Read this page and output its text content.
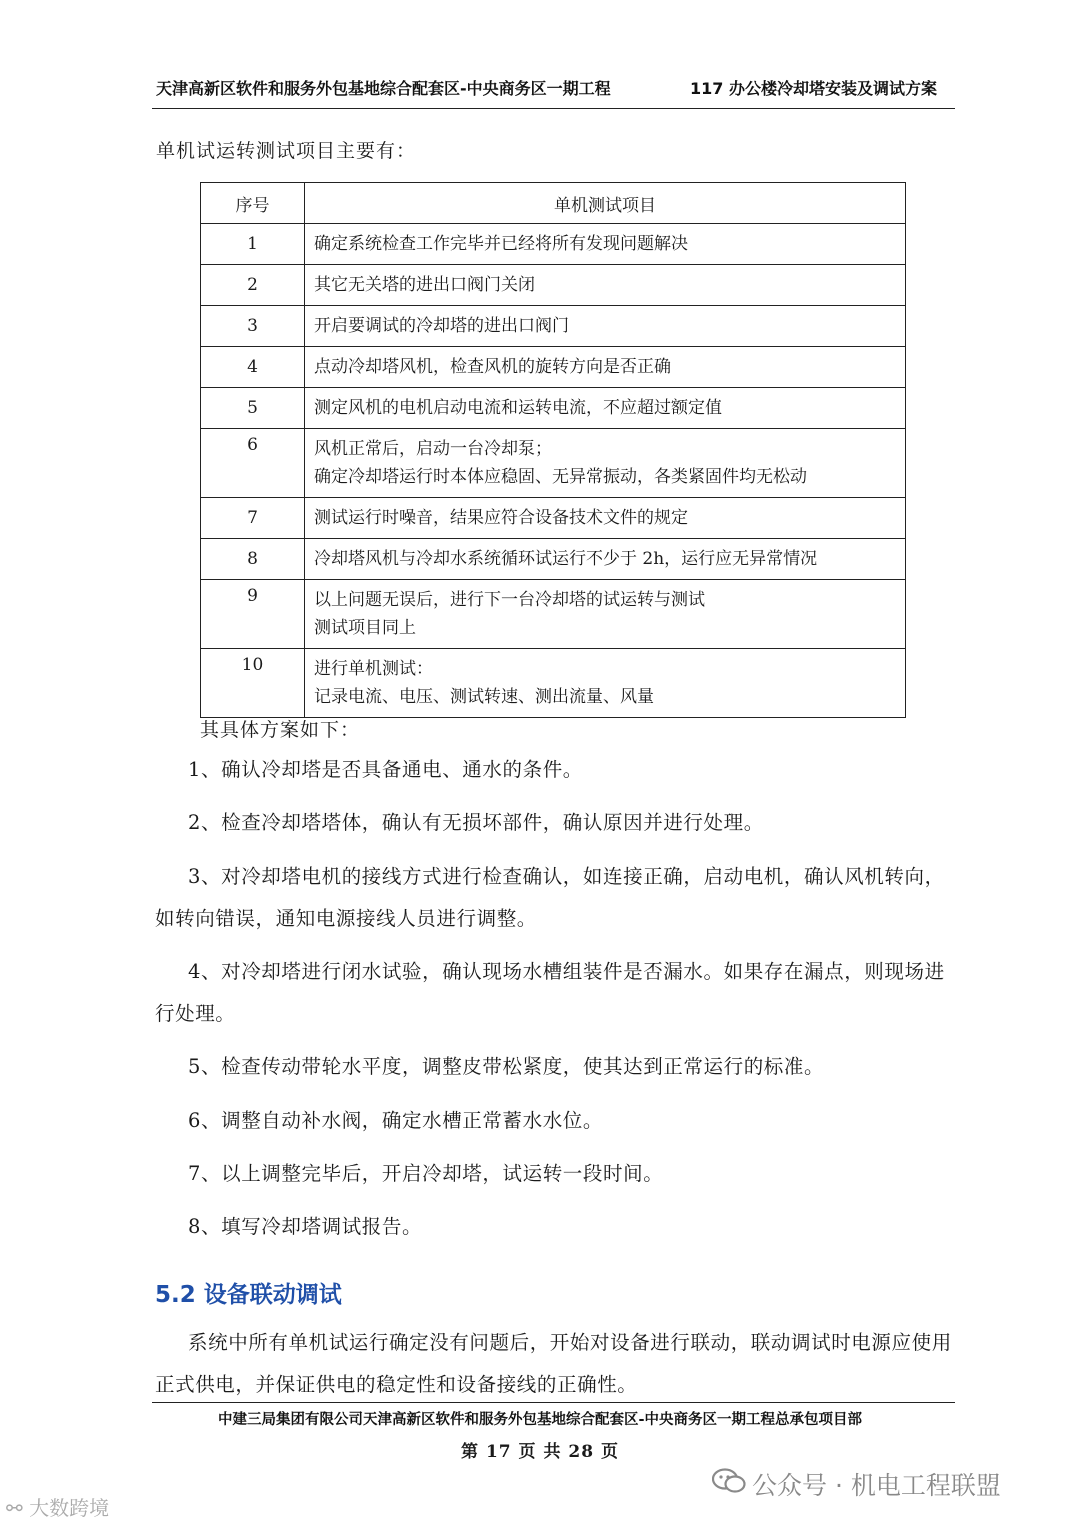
天津高新区软件和服务外包基地综合配套区-中央商务区一期工程	117 办公楼冷却塔安装及调试方案
单机试运转测试项目主要有：
序号	单机测试项目
1	确定系统检查工作完毕并已经将所有发现问题解决

2	其它无关塔的进出口阀门关闭

3	开启要调试的冷却塔的进出口阀门

4	点动冷却塔风机，检查风机的旋转方向是否正确

5	测定风机的电机启动电流和运转电流，不应超过额定值

6	风机正常后，启动一台冷却泵；
确定冷却塔运行时本体应稳固、无异常振动，各类紧固件均无松动

7	测试运行时噪音，结果应符合设备技术文件的规定

8	冷却塔风机与冷却水系统循环试运行不少于 2h，运行应无异常情况

9	以上问题无误后，进行下一台冷却塔的试运转与测试
测试项目同上

10	进行单机测试：
记录电流、电压、测试转速、测出流量、风量
其具体方案如下：
1、确认冷却塔是否具备通电、通水的条件。
2、检查冷却塔塔体，确认有无损坏部件，确认原因并进行处理。
3、对冷却塔电机的接线方式进行检查确认，如连接正确，启动电机，确认风机转向，如转向错误，通知电源接线人员进行调整。
4、对冷却塔进行闭水试验，确认现场水槽组装件是否漏水。如果存在漏点，则现场进行处理。
5、检查传动带轮水平度，调整皮带松紧度，使其达到正常运行的标准。
6、调整自动补水阀，确定水槽正常蓄水水位。
7、以上调整完毕后，开启冷却塔，试运转一段时间。
8、填写冷却塔调试报告。
5.2 设备联动调试
系统中所有单机试运行确定没有问题后，开始对设备进行联动，联动调试时电源应使用正式供电，并保证供电的稳定性和设备接线的正确性。
中建三局集团有限公司天津高新区软件和服务外包基地综合配套区-中央商务区一期工程总承包项目部
第 17 页 共 28 页
公众号 · 机电工程联盟
⚯ 大数跨境
